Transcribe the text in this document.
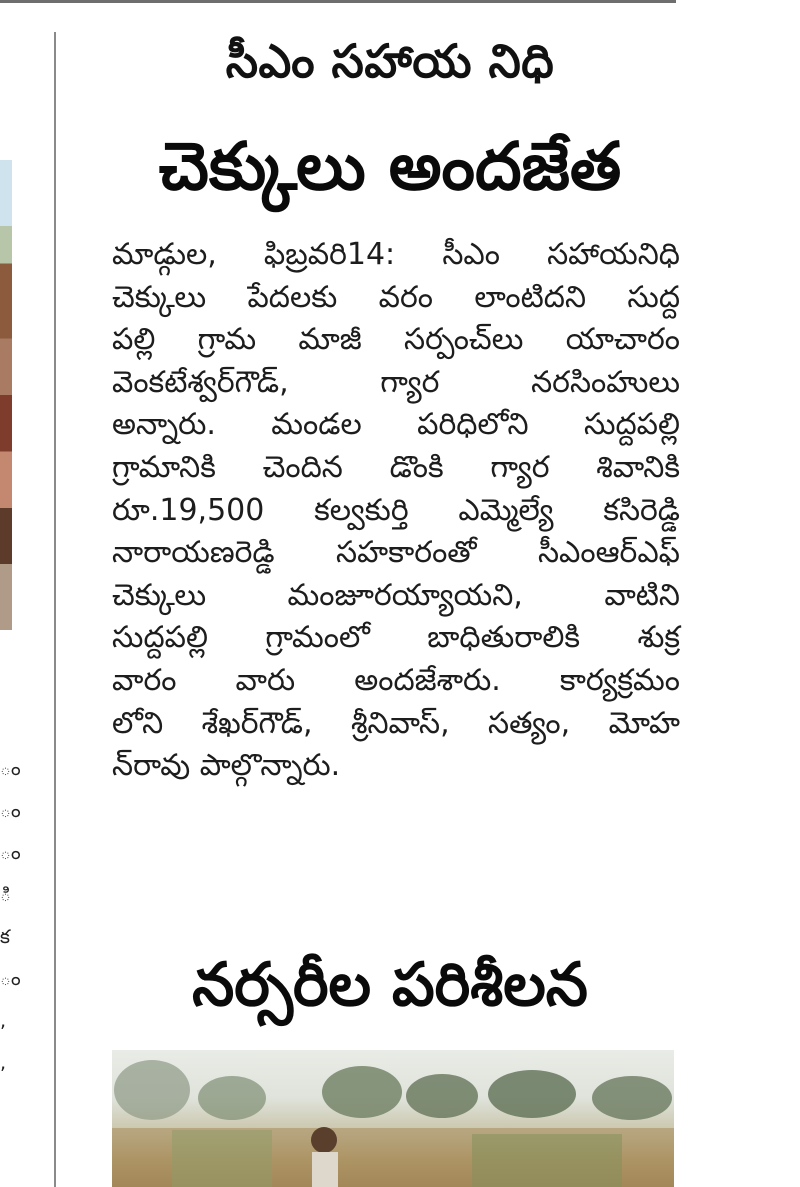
ం
ం
ం
ి
క
ం
,
,
సీఎం సహాయ నిధి
చెక్కులు అందజేత
మాడ్గుల, ఫిబ్రవరి14: సీఎం సహాయనిధి
చెక్కులు పేదలకు వరం లాంటిదని సుద్ద
పల్లి గ్రామ మాజీ సర్పంచ్‌లు యాచారం
వెంకటేశ్వర్‌గౌడ్, గ్యార నరసింహులు
అన్నారు. మండల పరిధిలోని సుద్దపల్లి
గ్రామానికి చెందిన డొంకి గ్యార శివానికి
రూ.19,500 కల్వకుర్తి ఎమ్మెల్యే కసిరెడ్డి
నారాయణరెడ్డి సహకారంతో సీఎంఆర్‌ఎఫ్
చెక్కులు మంజూరయ్యాయని, వాటిని
సుద్దపల్లి గ్రామంలో బాధితురాలికి శుక్ర
వారం వారు అందజేశారు. కార్యక్రమం
లోని శేఖర్‌గౌడ్, శ్రీనివాస్, సత్యం, మోహ
న్‌రావు పాల్గొన్నారు.
నర్సరీల పరిశీలన
